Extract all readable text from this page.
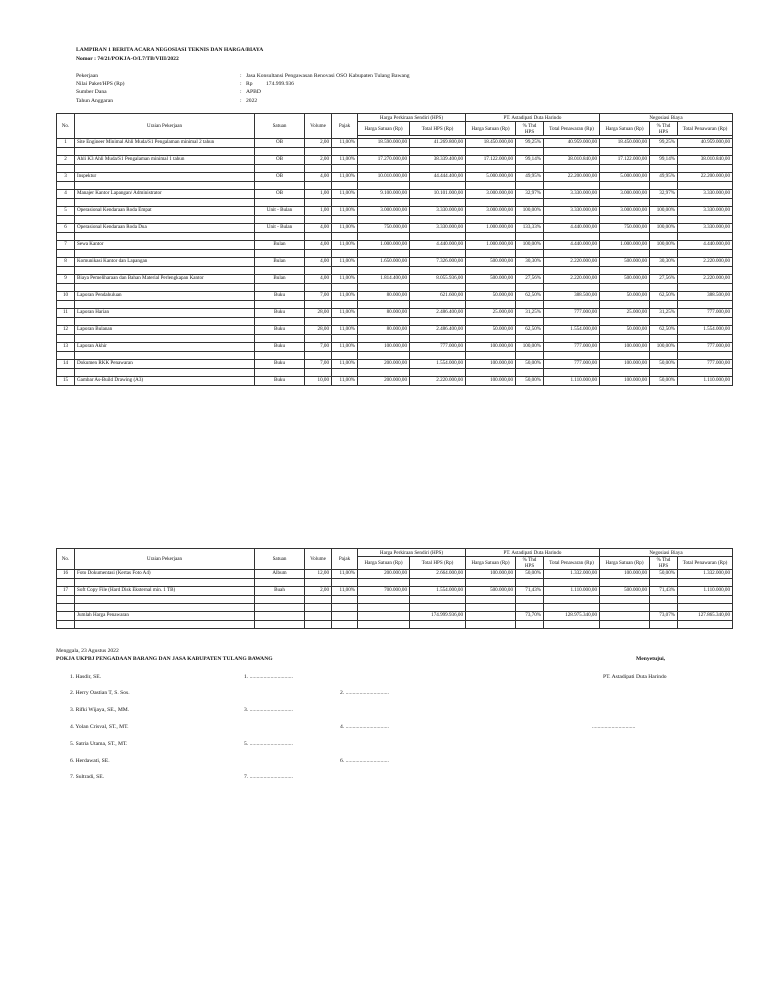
LAMPIRAN 1 BERITA ACARA NEGOSIASI TEKNIS DAN HARGA/BIAYA
Nomor : 74/21/POKJA-O/L7/TB/VIII/2022
Pekerjaan	: Jasa Konsultansi Pengawasan Renovasi OSO Kabupaten Tulang Bawang
Nilai Paket/HPS (Rp)	: Rp	174.999.936
Sumber Dana	: APBD
Tahun Anggaran	: 2022
No.	Uraian Pekerjaan	Satuan	Volume	Pajak	Harga Perkiraan Sendiri (HPS)		PT. Astadipati Duta Harindo			Negosiasi Biaya		
					Harga Satuan (Rp)	Total HPS (Rp)	Harga Satuan (Rp)	% Thd HPS	Total Penawaran (Rp)	Harga Satuan (Rp)	% Thd HPS	Total Penawaran (Rp)

1	Site Engineer Minimal Ahli Muda/S1 Pengalaman minimal 2 tahun	OB	2,00	11,00%	18.590.000,00	41.269.800,00	18.450.000,00	99,25%	40.959.000,00	18.450.000,00	99,25%	40.959.000,00

2	Ahli K3 Ahli Muda/S1 Pengalaman minimal 1 tahun	OB	2,00	11,00%	17.270.000,00	38.339.400,00	17.122.000,00	99,14%	38.010.840,00	17.122.000,00	99,14%	38.010.840,00

3	Inspektur	OB	4,00	11,00%	10.010.000,00	44.444.400,00	5.000.000,00	49,95%	22.200.000,00	5.000.000,00	49,95%	22.200.000,00

4	Manajer Kantor Lapangan/ Administrator	OB	1,00	11,00%	9.100.000,00	10.101.000,00	3.000.000,00	32,97%	3.330.000,00	3.000.000,00	32,97%	3.330.000,00

5	Operasional Kendaraan Roda Empat	Unit - Bulan	1,00	11,00%	3.000.000,00	3.330.000,00	3.000.000,00	100,00%	3.330.000,00	3.000.000,00	100,00%	3.330.000,00

6	Operasional Kendaraan Roda Dua	Unit - Bulan	4,00	11,00%	750.000,00	3.330.000,00	1.000.000,00	133,33%	4.440.000,00	750.000,00	100,00%	3.330.000,00

7	Sewa Kantor	Bulan	4,00	11,00%	1.000.000,00	4.440.000,00	1.000.000,00	100,00%	4.440.000,00	1.000.000,00	100,00%	4.440.000,00

8	Komunikasi Kantor dan Lapangan	Bulan	4,00	11,00%	1.650.000,00	7.326.000,00	500.000,00	30,30%	2.220.000,00	500.000,00	30,30%	2.220.000,00

9	Biaya Pemeliharaan dan Bahan Material Perlengkapan Kantor	Bulan	4,00	11,00%	1.814.400,00	8.055.936,00	500.000,00	27,56%	2.220.000,00	500.000,00	27,56%	2.220.000,00

10	Laporan Pendahuluan	Buku	7,00	11,00%	80.000,00	621.600,00	50.000,00	62,50%	388.500,00	50.000,00	62,50%	388.500,00

11	Laporan Harian	Buku	28,00	11,00%	80.000,00	2.486.400,00	25.000,00	31,25%	777.000,00	25.000,00	31,25%	777.000,00

12	Laporan Bulanan	Buku	28,00	11,00%	80.000,00	2.486.400,00	50.000,00	62,50%	1.554.000,00	50.000,00	62,50%	1.554.000,00

13	Laporan Akhir	Buku	7,00	11,00%	100.000,00	777.000,00	100.000,00	100,00%	777.000,00	100.000,00	100,00%	777.000,00

14	Dokumen RKK Penawaran	Buku	7,00	11,00%	200.000,00	1.554.000,00	100.000,00	50,00%	777.000,00	100.000,00	50,00%	777.000,00

15	Gambar As-Build Drawing (A3)	Buku	10,00	11,00%	200.000,00	2.220.000,00	100.000,00	50,00%	1.110.000,00	100.000,00	50,00%	1.110.000,00
No.	Uraian Pekerjaan	Satuan	Volume	Pajak	Harga Perkiraan Sendiri (HPS)		PT. Astadipati Duta Harindo			Negosiasi Biaya		
					Harga Satuan (Rp)	Total HPS (Rp)	Harga Satuan (Rp)	% Thd HPS	Total Penawaran (Rp)	Harga Satuan (Rp)	% Thd HPS	Total Penawaran (Rp)
16	Foto Dokumentasi (Kertas Foto A4)	Album	12,00	11,00%	200.000,00	2.664.000,00	100.000,00	50,00%	1.332.000,00	100.000,00	50,00%	1.332.000,00

17	Soft Copy File (Hard Disk Eksternal min. 1 TB)	Buah	2,00	11,00%	700.000,00	1.554.000,00	500.000,00	71,43%	1.110.000,00	500.000,00	71,43%	1.110.000,00

	Jumlah Harga Penawaran					174.999.936,00		73,70%	128.975.340,00		73,07%	127.865.340,00

Menggala, 23 Agustus 2022
POKJA UKPBJ PENGADAAN BARANG DAN JASA KABUPATEN TULANG BAWANG	Menyetujui,
PT. Astadipati Duta Harindo
...............................
1. Hasdir, SE.	1. ...............................
2. Herry Oastian T, S. Sos.	2. ...............................
3. Rifki Wijaya, SE., MM.	3. ...............................
4. Yolan Crisval, ST., MT.	4. ...............................
5. Satria Utama, ST., MT.	5. ...............................
6. Herdawati, SE.	6. ...............................
7. Sultradi, SE.	7. ...............................
